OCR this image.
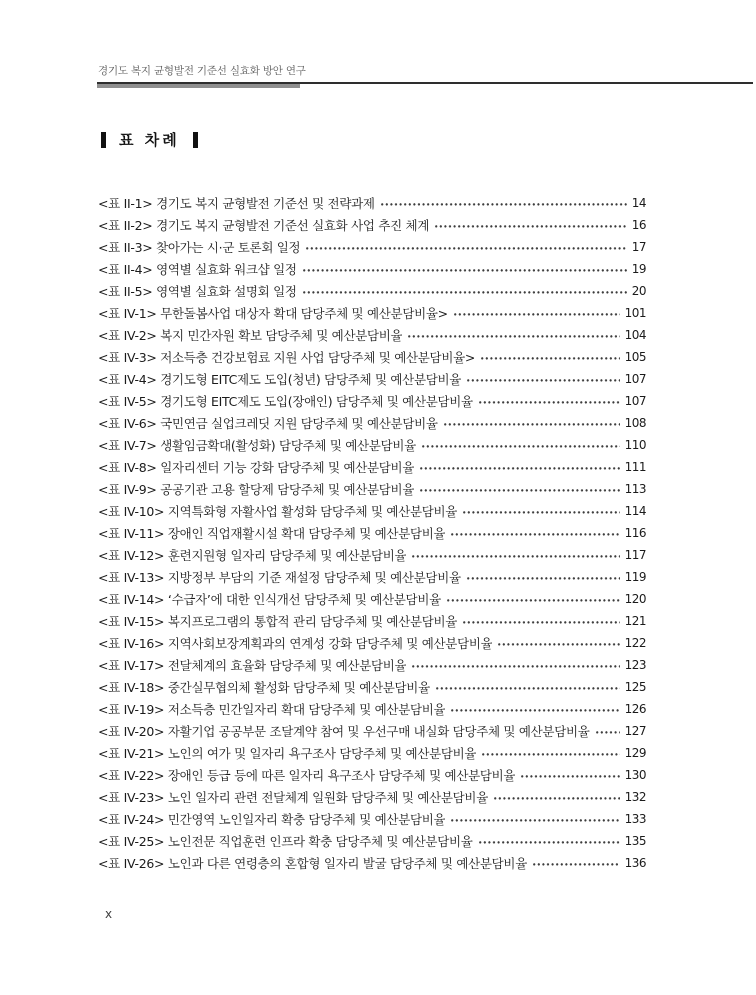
경기도 복지 균형발전 기준선 실효화 방안 연구
표 차례
<표 II-1> 경기도 복지 균형발전 기준선 및 전략과제	14
<표 II-2> 경기도 복지 균형발전 기준선 실효화 사업 추진 체계	16
<표 II-3> 찾아가는 시·군 토론회 일정	17
<표 II-4> 영역별 실효화 워크샵 일정	19
<표 II-5> 영역별 실효화 설명회 일정	20
<표 IV-1> 무한돌봄사업 대상자 확대 담당주체 및 예산분담비율>	101
<표 IV-2> 복지 민간자원 확보 담당주체 및 예산분담비율	104
<표 IV-3> 저소득층 건강보험료 지원 사업 담당주체 및 예산분담비율>	105
<표 IV-4> 경기도형 EITC제도 도입(청년) 담당주체 및 예산분담비율	107
<표 IV-5> 경기도형 EITC제도 도입(장애인) 담당주체 및 예산분담비율	107
<표 IV-6> 국민연금 실업크레딧 지원 담당주체 및 예산분담비율	108
<표 IV-7> 생활임금확대(활성화) 담당주체 및 예산분담비율	110
<표 IV-8> 일자리센터 기능 강화 담당주체 및 예산분담비율	111
<표 IV-9> 공공기관 고용 할당제 담당주체 및 예산분담비율	113
<표 IV-10> 지역특화형 자활사업 활성화 담당주체 및 예산분담비율	114
<표 IV-11> 장애인 직업재활시설 확대 담당주체 및 예산분담비율	116
<표 IV-12> 훈련지원형 일자리 담당주체 및 예산분담비율	117
<표 IV-13> 지방정부 부담의 기준 재설정 담당주체 및 예산분담비율	119
<표 IV-14> ‘수급자’에 대한 인식개선 담당주체 및 예산분담비율	120
<표 IV-15> 복지프로그램의 통합적 관리 담당주체 및 예산분담비율	121
<표 IV-16> 지역사회보장계획과의 연계성 강화 담당주체 및 예산분담비율	122
<표 IV-17> 전달체계의 효율화 담당주체 및 예산분담비율	123
<표 IV-18> 중간실무협의체 활성화 담당주체 및 예산분담비율	125
<표 IV-19> 저소득층 민간일자리 확대 담당주체 및 예산분담비율	126
<표 IV-20> 자활기업 공공부문 조달계약 참여 및 우선구매 내실화 담당주체 및 예산분담비율	127
<표 IV-21> 노인의 여가 및 일자리 욕구조사 담당주체 및 예산분담비율	129
<표 IV-22> 장애인 등급 등에 따른 일자리 욕구조사 담당주체 및 예산분담비율	130
<표 IV-23> 노인 일자리 관련 전달체계 일원화 담당주체 및 예산분담비율	132
<표 IV-24> 민간영역 노인일자리 확충 담당주체 및 예산분담비율	133
<표 IV-25> 노인전문 직업훈련 인프라 확충 담당주체 및 예산분담비율	135
<표 IV-26> 노인과 다른 연령층의 혼합형 일자리 발굴 담당주체 및 예산분담비율	136
x
